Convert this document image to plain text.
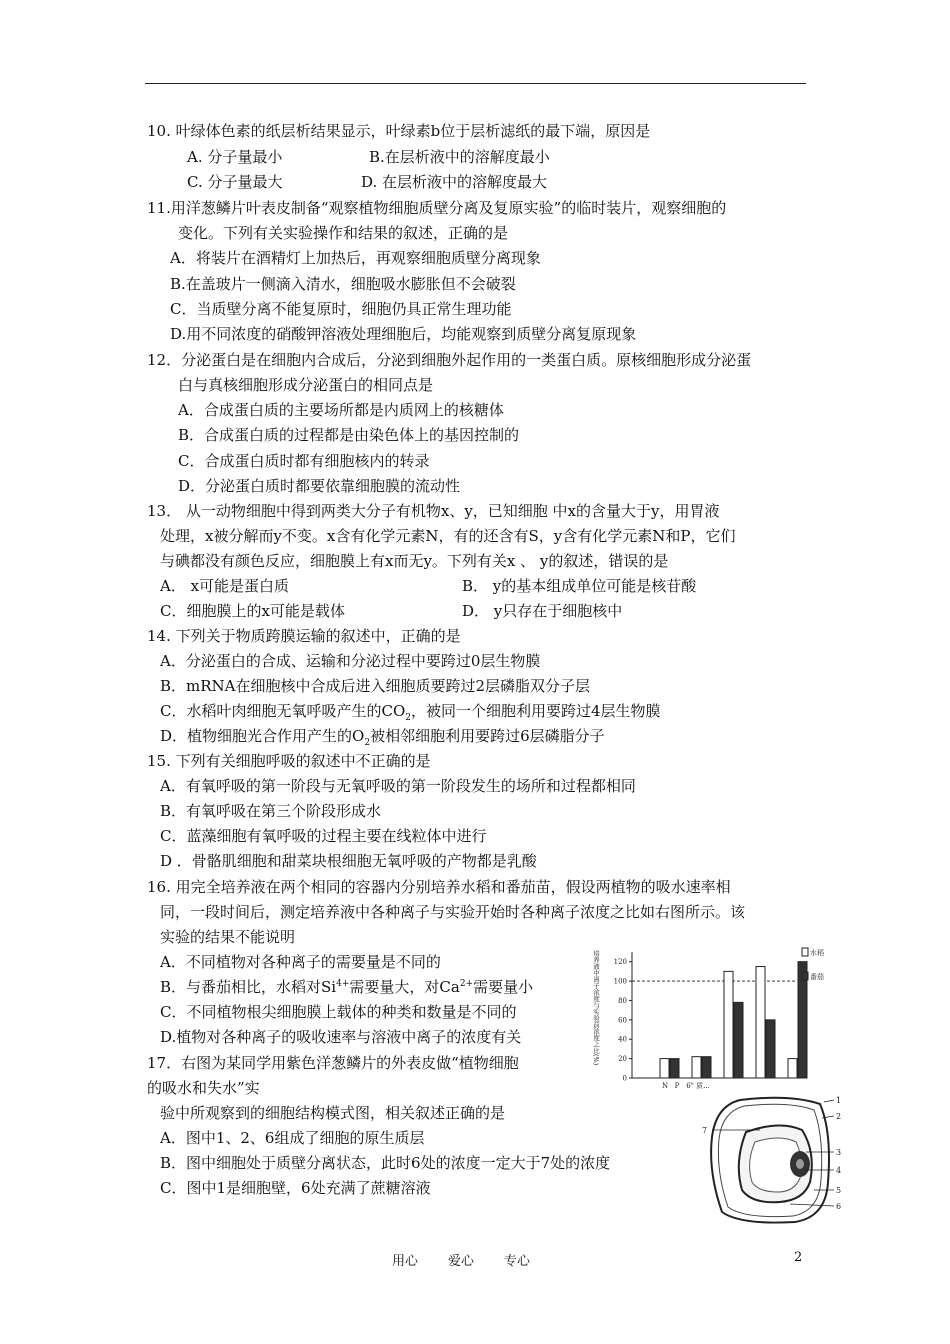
10. 叶绿体色素的纸层析结果显示，叶绿素b位于层析滤纸的最下端，原因是
A. 分子量最小	B.在层析液中的溶解度最小
C. 分子量最大	D. 在层析液中的溶解度最大
11.用洋葱鳞片叶表皮制备“观察植物细胞质壁分离及复原实验”的临时装片，观察细胞的
变化。下列有关实验操作和结果的叙述，正确的是
A．将装片在酒精灯上加热后，再观察细胞质壁分离现象
B.在盖玻片一侧滴入清水，细胞吸水膨胀但不会破裂
C．当质壁分离不能复原时，细胞仍具正常生理功能
D.用不同浓度的硝酸钾溶液处理细胞后，均能观察到质壁分离复原现象
12．分泌蛋白是在细胞内合成后，分泌到细胞外起作用的一类蛋白质。原核细胞形成分泌蛋
白与真核细胞形成分泌蛋白的相同点是
A．合成蛋白质的主要场所都是内质网上的核糖体
B．合成蛋白质的过程都是由染色体上的基因控制的
C．合成蛋白质时都有细胞核内的转录
D．分泌蛋白质时都要依靠细胞膜的流动性
13． 从一动物细胞中得到两类大分子有机物x、y，已知细胞 中x的含量大于y，用胃液
处理，x被分解而y不变。x含有化学元素N，有的还含有S，y含有化学元素N和P，它们
与碘都没有颜色反应，细胞膜上有x而无y。下列有关x 、 y的叙述，错误的是
A． x可能是蛋白质	B． y的基本组成单位可能是核苷酸
C．细胞膜上的x可能是载体	D． y只存在于细胞核中
14. 下列关于物质跨膜运输的叙述中，正确的是
A．分泌蛋白的合成、运输和分泌过程中要跨过0层生物膜
B．mRNA在细胞核中合成后进入细胞质要跨过2层磷脂双分子层
C．水稻叶肉细胞无氧呼吸产生的$CO_2$，被同一个细胞利用要跨过4层生物膜
D．植物细胞光合作用产生的$O_2$被相邻细胞利用要跨过6层磷脂分子
15. 下列有关细胞呼吸的叙述中不正确的是
A．有氧呼吸的第一阶段与无氧呼吸的第一阶段发生的场所和过程都相同
B．有氧呼吸在第三个阶段形成水
C．蓝藻细胞有氧呼吸的过程主要在线粒体中进行
D ．骨骼肌细胞和甜菜块根细胞无氧呼吸的产物都是乳酸
16. 用完全培养液在两个相同的容器内分别培养水稻和番茄苗，假设两植物的吸水速率相
同，一段时间后，测定培养液中各种离子与实验开始时各种离子浓度之比如右图所示。该
实验的结果不能说明
A．不同植物对各种离子的需要量是不同的
B．与番茄相比，水稻对$Si^{4+}$需要量大，对$Ca^{2+}$需要量小
C．不同植物根尖细胞膜上载体的种类和数量是不同的
D.植物对各种离子的吸收速率与溶液中离子的浓度有关
17．右图为某同学用紫色洋葱鳞片的外表皮做“植物细胞
的吸水和失水”实
验中所观察到的细胞结构模式图，相关叙述正确的是
A．图中1、2、6组成了细胞的原生质层
B．图中细胞处于质壁分离状态，此时6处的浓度一定大于7处的浓度
C．图中1是细胞壁，6处充满了蔗糖溶液
培养液中离子浓度与实验前浓度之比(%)
0
20
40
60
80
100
120
水稻
番茄
N P 6" 质...
1
2
3
4
5
6
7
用心 爱心 专心	2
